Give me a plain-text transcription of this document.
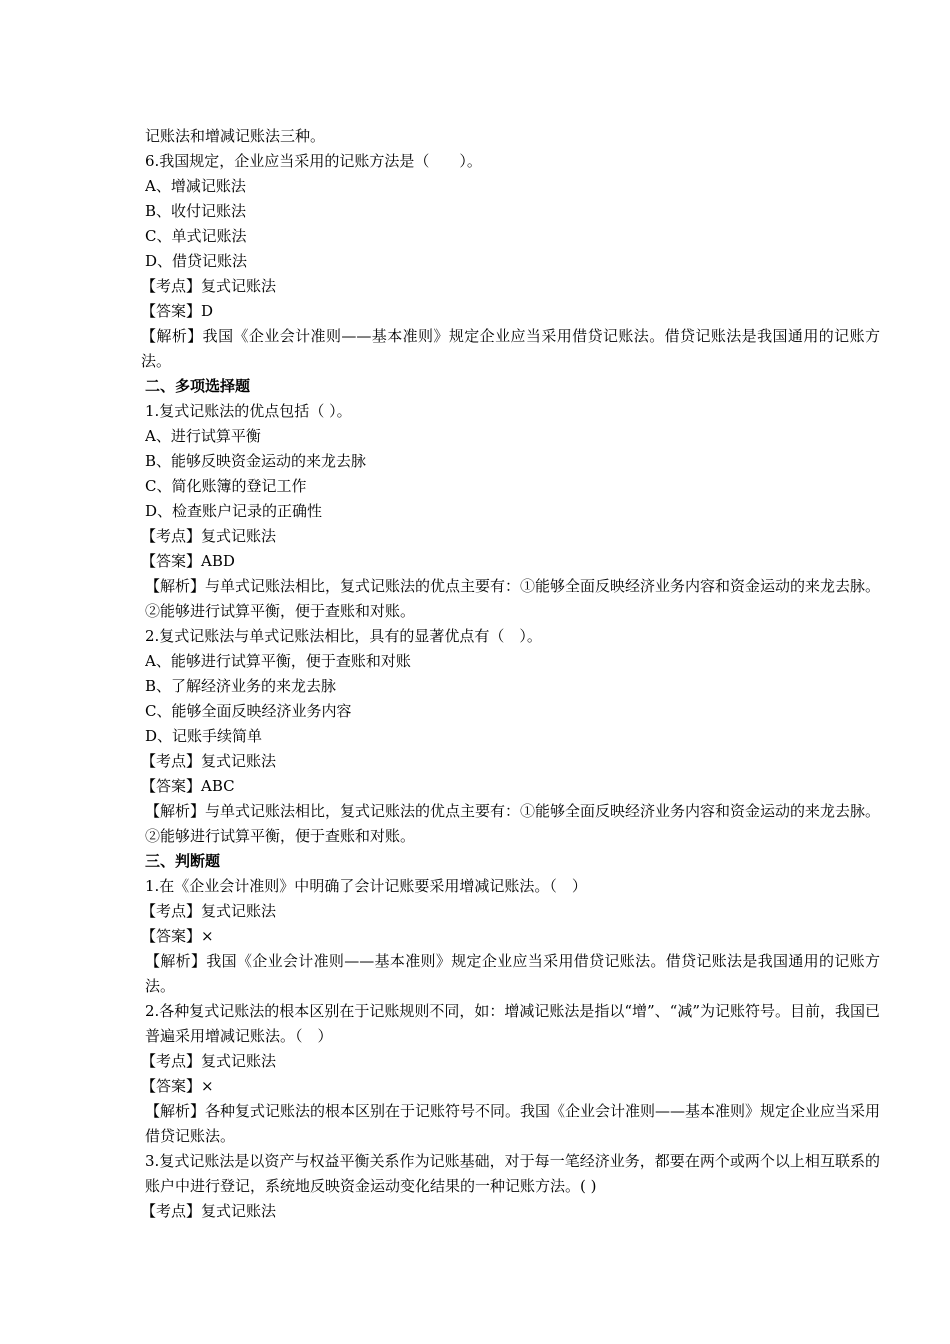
记账法和增减记账法三种。
6.我国规定，企业应当采用的记账方法是（　　）。
A、增减记账法
B、收付记账法
C、单式记账法
D、借贷记账法
【考点】复式记账法
【答案】D
【解析】我国《企业会计准则——基本准则》规定企业应当采用借贷记账法。借贷记账法是我国通用的记账方法。
二、多项选择题
1.复式记账法的优点包括（ ）。
A、进行试算平衡
B、能够反映资金运动的来龙去脉
C、简化账簿的登记工作
D、检查账户记录的正确性
【考点】复式记账法
【答案】ABD
【解析】与单式记账法相比，复式记账法的优点主要有：①能够全面反映经济业务内容和资金运动的来龙去脉。 ②能够进行试算平衡，便于查账和对账。
2.复式记账法与单式记账法相比，具有的显著优点有（　）。
A、能够进行试算平衡，便于查账和对账
B、了解经济业务的来龙去脉
C、能够全面反映经济业务内容
D、记账手续简单
【考点】复式记账法
【答案】ABC
【解析】与单式记账法相比，复式记账法的优点主要有：①能够全面反映经济业务内容和资金运动的来龙去脉。 ②能够进行试算平衡，便于查账和对账。
三、判断题
1.在《企业会计准则》中明确了会计记账要采用增减记账法。（　）
【考点】复式记账法
【答案】×
【解析】我国《企业会计准则——基本准则》规定企业应当采用借贷记账法。借贷记账法是我国通用的记账方法。
2.各种复式记账法的根本区别在于记账规则不同，如：增减记账法是指以“增”、“减”为记账符号。目前，我国已普遍采用增减记账法。（　）
【考点】复式记账法
【答案】×
【解析】各种复式记账法的根本区别在于记账符号不同。我国《企业会计准则——基本准则》规定企业应当采用借贷记账法。
3.复式记账法是以资产与权益平衡关系作为记账基础，对于每一笔经济业务，都要在两个或两个以上相互联系的账户中进行登记，系统地反映资金运动变化结果的一种记账方法。( )
【考点】复式记账法
